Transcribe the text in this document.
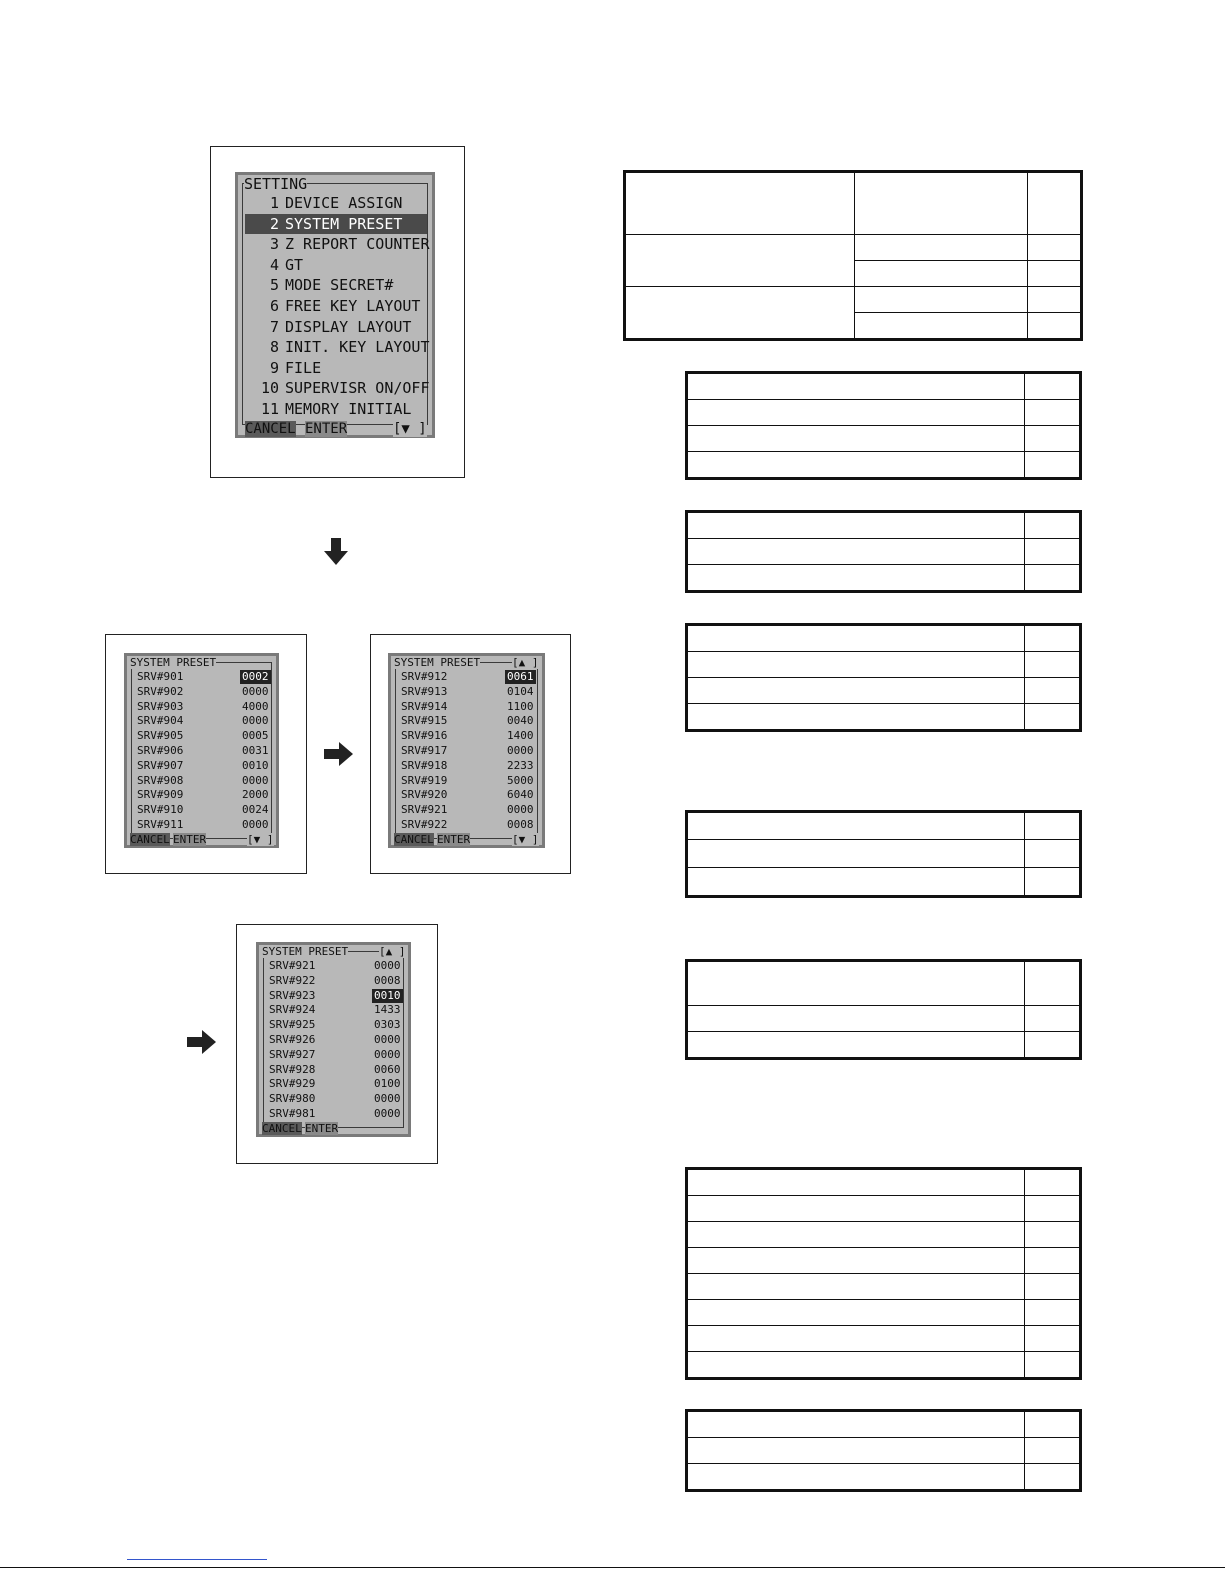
SETTING
1 DEVICE ASSIGN
2 SYSTEM PRESET
3 Z REPORT COUNTER
4 GT
5 MODE SECRET#
6 FREE KEY LAYOUT
7 DISPLAY LAYOUT
8 INIT. KEY LAYOUT
9 FILE
10 SUPERVISR ON/OFF
11 MEMORY INITIAL
CANCEL ENTER	[▼ ]
SYSTEM PRESET
SRV#901	0002
SRV#902	0000
SRV#903	4000
SRV#904	0000
SRV#905	0005
SRV#906	0031
SRV#907	0010
SRV#908	0000
SRV#909	2000
SRV#910	0024
SRV#911	0000
CANCEL ENTER	[▼ ]
SYSTEM PRESET	[▲ ]
SRV#912	0061
SRV#913	0104
SRV#914	1100
SRV#915	0040
SRV#916	1400
SRV#917	0000
SRV#918	2233
SRV#919	5000
SRV#920	6040
SRV#921	0000
SRV#922	0008
CANCEL ENTER	[▼ ]
SYSTEM PRESET	[▲ ]
SRV#921	0000
SRV#922	0008
SRV#923	0010
SRV#924	1433
SRV#925	0303
SRV#926	0000
SRV#927	0000
SRV#928	0060
SRV#929	0100
SRV#980	0000
SRV#981	0000
CANCEL ENTER
